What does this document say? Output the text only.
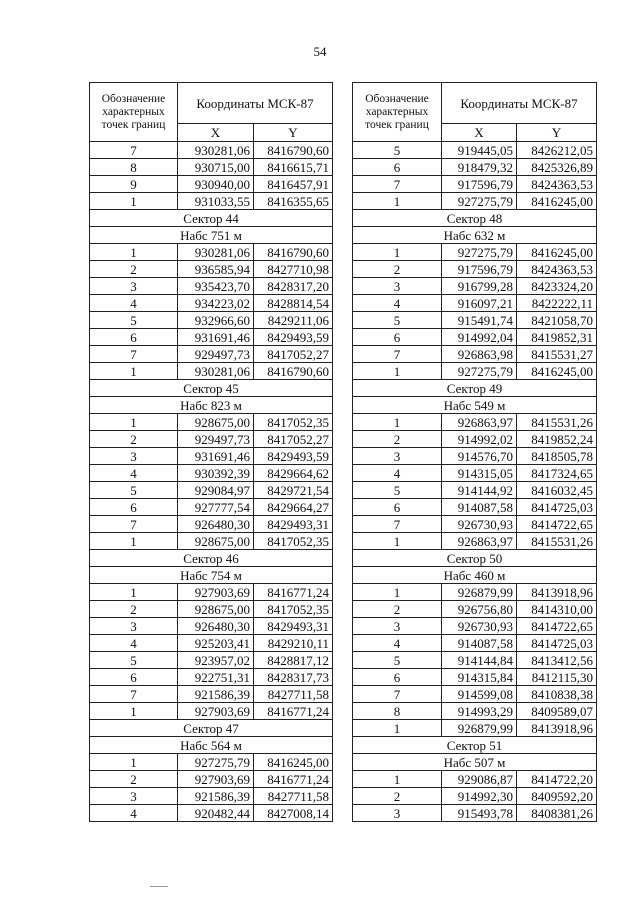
54
Обозначение характерных точек границ	Координаты МСК-87	
	X	Y
7	930281,06	8416790,60
8	930715,00	8416615,71
9	930940,00	8416457,91
1	931033,55	8416355,65
Сектор 44		
Набс 751 м		
1	930281,06	8416790,60
2	936585,94	8427710,98
3	935423,70	8428317,20
4	934223,02	8428814,54
5	932966,60	8429211,06
6	931691,46	8429493,59
7	929497,73	8417052,27
1	930281,06	8416790,60
Сектор 45		
Набс 823 м		
1	928675,00	8417052,35
2	929497,73	8417052,27
3	931691,46	8429493,59
4	930392,39	8429664,62
5	929084,97	8429721,54
6	927777,54	8429664,27
7	926480,30	8429493,31
1	928675,00	8417052,35
Сектор 46		
Набс 754 м		
1	927903,69	8416771,24
2	928675,00	8417052,35
3	926480,30	8429493,31
4	925203,41	8429210,11
5	923957,02	8428817,12
6	922751,31	8428317,73
7	921586,39	8427711,58
1	927903,69	8416771,24
Сектор 47		
Набс 564 м		
1	927275,79	8416245,00
2	927903,69	8416771,24
3	921586,39	8427711,58
4	920482,44	8427008,14
Обозначение характерных точек границ	Координаты МСК-87	
	X	Y
5	919445,05	8426212,05
6	918479,32	8425326,89
7	917596,79	8424363,53
1	927275,79	8416245,00
Сектор 48		
Набс 632 м		
1	927275,79	8416245,00
2	917596,79	8424363,53
3	916799,28	8423324,20
4	916097,21	8422222,11
5	915491,74	8421058,70
6	914992,04	8419852,31
7	926863,98	8415531,27
1	927275,79	8416245,00
Сектор 49		
Набс 549 м		
1	926863,97	8415531,26
2	914992,02	8419852,24
3	914576,70	8418505,78
4	914315,05	8417324,65
5	914144,92	8416032,45
6	914087,58	8414725,03
7	926730,93	8414722,65
1	926863,97	8415531,26
Сектор 50		
Набс 460 м		
1	926879,99	8413918,96
2	926756,80	8414310,00
3	926730,93	8414722,65
4	914087,58	8414725,03
5	914144,84	8413412,56
6	914315,84	8412115,30
7	914599,08	8410838,38
8	914993,29	8409589,07
1	926879,99	8413918,96
Сектор 51		
Набс 507 м		
1	929086,87	8414722,20
2	914992,30	8409592,20
3	915493,78	8408381,26
